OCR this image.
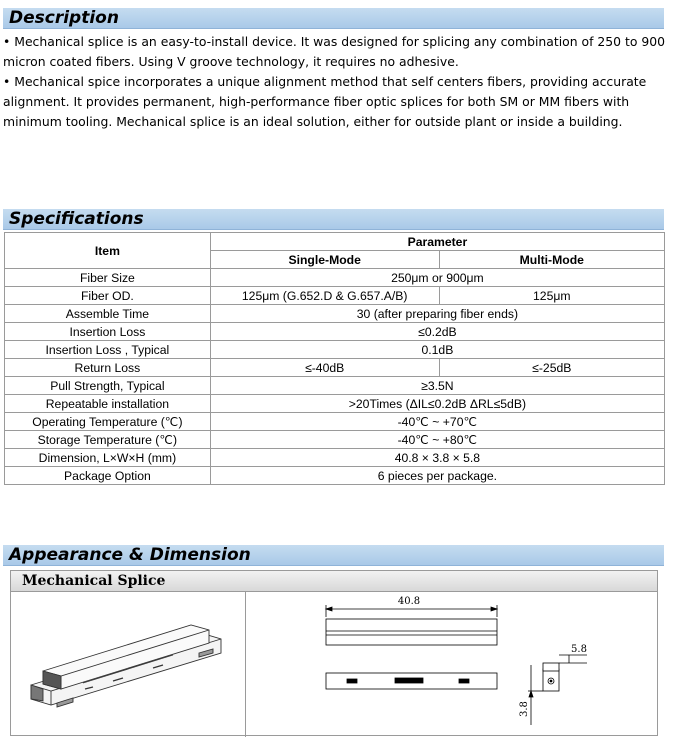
Description

• Mechanical splice is an easy-to-install device. It was designed for splicing any combination of 250 to 900 micron coated fibers. Using V groove technology, it requires no adhesive.

• Mechanical spice incorporates a unique alignment method that self centers fibers, providing accurate alignment. It provides permanent, high-performance fiber optic splices for both SM or MM fibers with minimum tooling. Mechanical splice is an ideal solution, either for outside plant or inside a building.

Specifications
Item	Parameter	
	Single-Mode	Multi-Mode
Fiber Size	250μm or 900μm	
Fiber OD.	125μm (G.652.D & G.657.A/B)	125μm
Assemble Time	30 (after preparing fiber ends)	
Insertion Loss	≤0.2dB	
Insertion Loss , Typical	0.1dB	
Return Loss	≤-40dB	≤-25dB
Pull Strength, Typical	≥3.5N	
Repeatable installation	>20Times (ΔIL≤0.2dB ΔRL≤5dB)	
Operating Temperature (℃)	-40℃ ~ +70℃	
Storage Temperature (℃)	-40℃ ~ +80℃	
Dimension, L×W×H (mm)	40.8 × 3.8 × 5.8	
Package Option	6 pieces per package.	
Appearance & Dimension
Mechanical Splice
40.8
5.8
3.8
